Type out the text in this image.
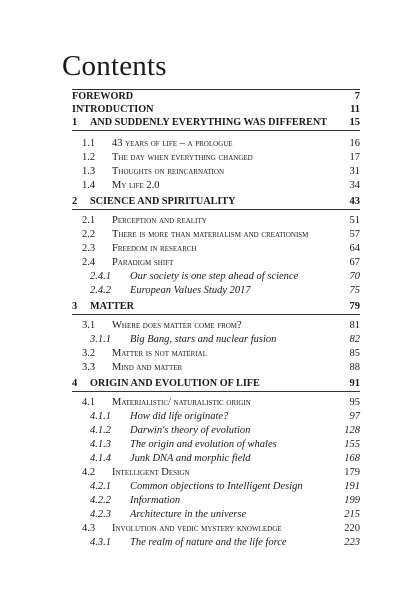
Contents
FOREWORD	7
INTRODUCTION	11
1 AND SUDDENLY EVERYTHING WAS DIFFERENT 15
1.1 43 years of life – a prologue	16
1.2 The day when everything changed	17
1.3 Thoughts on reincarnation	31
1.4 My life 2.0	34
2 SCIENCE AND SPIRITUALITY	43
2.1 Perception and reality	51
2.2 There is more than materialism and creationism	57
2.3 Freedom in research	64
2.4 Paradigm shift	67
2.4.1 Our society is one step ahead of science	70
2.4.2 European Values Study 2017	75
3 MATTER	79
3.1 Where does matter come from?	81
3.1.1 Big Bang, stars and nuclear fusion	82
3.2 Matter is not material	85
3.3 Mind and matter	88
4 ORIGIN AND EVOLUTION OF LIFE	91
4.1 Materialistic/ naturalistic origin	95
4.1.1 How did life originate?	97
4.1.2 Darwin's theory of evolution	128
4.1.3 The origin and evolution of whales	155
4.1.4 Junk DNA and morphic field	168
4.2 Intelligent Design	179
4.2.1 Common objections to Intelligent Design	191
4.2.2 Information	199
4.2.3 Architecture in the universe	215
4.3 Involution and vedic mystery knowledge	220
4.3.1 The realm of nature and the life force	223
